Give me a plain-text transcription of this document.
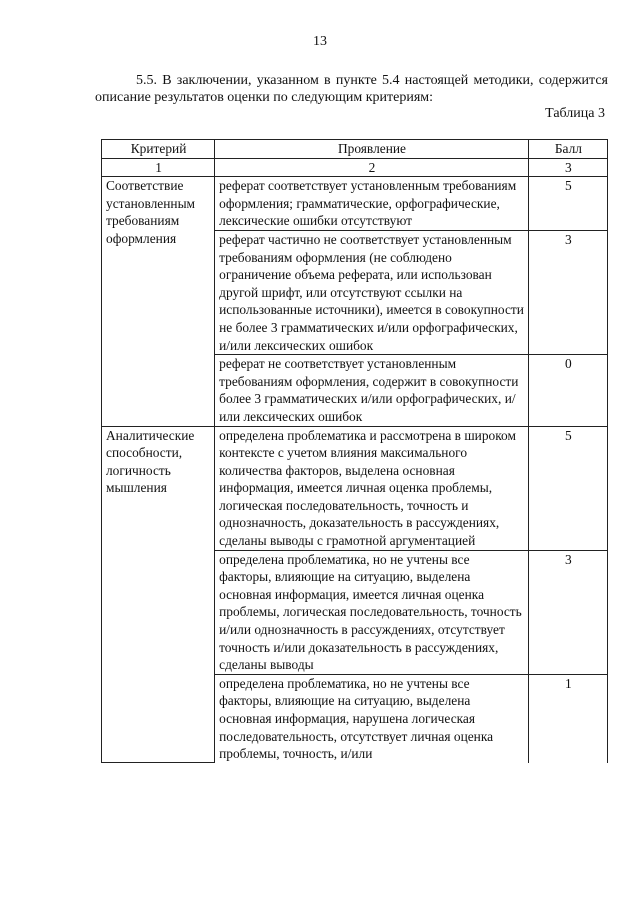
13

5.5. В заключении, указанном в пункте 5.4 настоящей методики, содержится описание результатов оценки по следующим критериям:

Таблица 3
Критерий	Проявление	Балл
1	2	3
Соответствие установленным требованиям оформления	реферат соответствует установленным требованиям оформления; грамматические, орфографические, лексические ошибки отсутствуют	5
	реферат частично не соответствует установленным требованиям оформления (не соблюдено ограничение объема реферата, или использован другой шрифт, или отсутствуют ссылки на использованные источники), имеется в совокупности не более 3 грамматических и/или орфографических, и/или лексических ошибок	3
	реферат не соответствует установленным требованиям оформления, содержит в совокупности более 3 грамматических и/или орфографических, и/или лексических ошибок	0
Аналитические способности, логичность мышления	определена проблематика и рассмотрена в широком контексте с учетом влияния максимального количества факторов, выделена основная информация, имеется личная оценка проблемы, логическая последовательность, точность и однозначность, доказательность в рассуждениях, сделаны выводы с грамотной аргументацией	5
	определена проблематика, но не учтены все факторы, влияющие на ситуацию, выделена основная информация, имеется личная оценка проблемы, логическая последовательность, точность и/или однозначность в рассуждениях, отсутствует точность и/или доказательность в рассуждениях, сделаны выводы	3
	определена проблематика, но не учтены все факторы, влияющие на ситуацию, выделена основная информация, нарушена логическая последовательность, отсутствует личная оценка проблемы, точность, и/или	1
